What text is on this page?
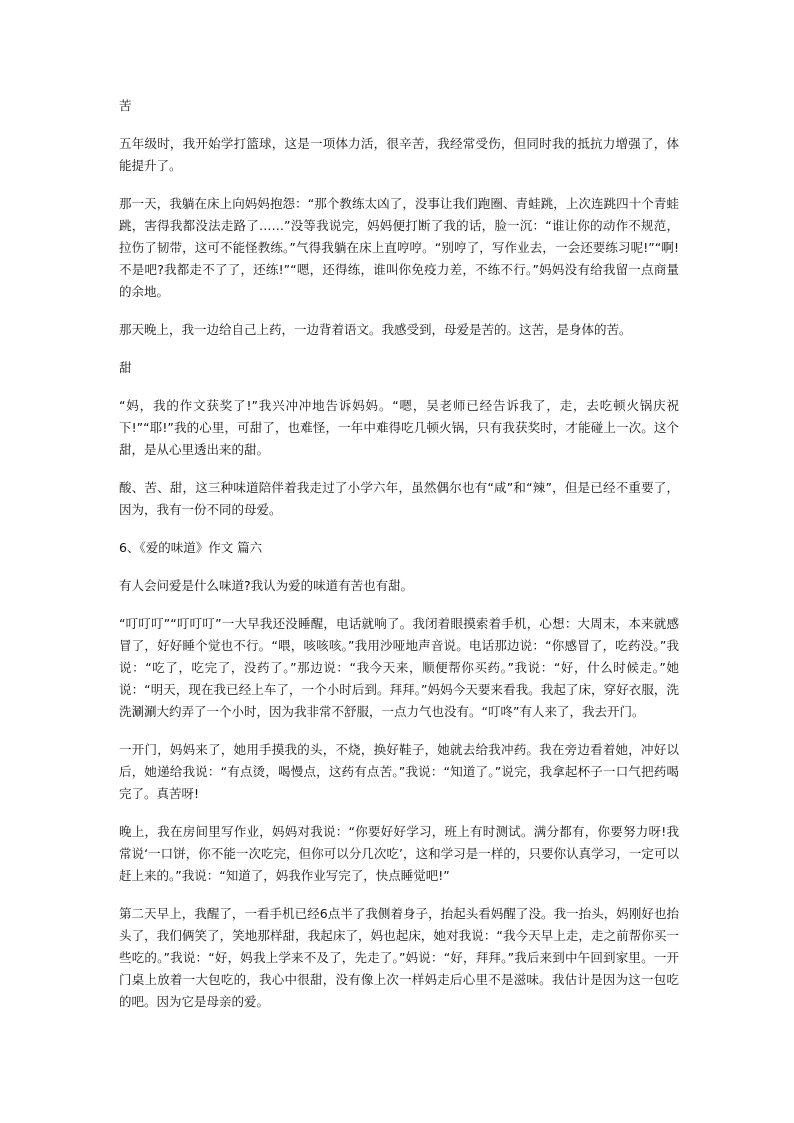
苦

五年级时，我开始学打篮球，这是一项体力活，很辛苦，我经常受伤，但同时我的抵抗力增强了，体能提升了。

那一天，我躺在床上向妈妈抱怨：“那个教练太凶了，没事让我们跑圈、青蛙跳，上次连跳四十个青蛙跳，害得我都没法走路了……”没等我说完，妈妈便打断了我的话，脸一沉：“谁让你的动作不规范，拉伤了韧带，这可不能怪教练。”气得我躺在床上直哼哼。“别哼了，写作业去，一会还要练习呢!”“啊!不是吧?我都走不了了，还练!”“嗯，还得练，谁叫你免疫力差，不练不行。”妈妈没有给我留一点商量的余地。

那天晚上，我一边给自己上药，一边背着语文。我感受到，母爱是苦的。这苦，是身体的苦。

甜

“妈，我的作文获奖了!”我兴冲冲地告诉妈妈。“嗯，吴老师已经告诉我了，走，去吃顿火锅庆祝下!”“耶!”我的心里，可甜了，也难怪，一年中难得吃几顿火锅，只有我获奖时，才能碰上一次。这个甜，是从心里透出来的甜。

酸、苦、甜，这三种味道陪伴着我走过了小学六年，虽然偶尔也有“咸”和“辣”，但是已经不重要了，因为，我有一份不同的母爱。

6、《爱的味道》作文 篇六

有人会问爱是什么味道?我认为爱的味道有苦也有甜。

“叮叮叮”“叮叮叮”一大早我还没睡醒，电话就响了。我闭着眼摸索着手机，心想：大周末，本来就感冒了，好好睡个觉也不行。“喂，咳咳咳。”我用沙哑地声音说。电话那边说：“你感冒了，吃药没。”我说：“吃了，吃完了，没药了。”那边说：“我今天来，顺便帮你买药。”我说：“好，什么时候走。”她说：“明天，现在我已经上车了，一个小时后到。拜拜。”妈妈今天要来看我。我起了床，穿好衣服，洗洗涮涮大约弄了一个小时，因为我非常不舒服，一点力气也没有。“叮咚”有人来了，我去开门。

一开门，妈妈来了，她用手摸我的头，不烧，换好鞋子，她就去给我冲药。我在旁边看着她，冲好以后，她递给我说：“有点烫，喝慢点，这药有点苦。”我说：“知道了。”说完，我拿起杯子一口气把药喝完了。真苦呀!

晚上，我在房间里写作业，妈妈对我说：“你要好好学习，班上有时测试。满分都有，你要努力呀!我常说‘一口饼，你不能一次吃完，但你可以分几次吃’，这和学习是一样的，只要你认真学习，一定可以赶上来的。”我说：“知道了，妈我作业写完了，快点睡觉吧!”

第二天早上，我醒了，一看手机已经6点半了我侧着身子，抬起头看妈醒了没。我一抬头，妈刚好也抬头了，我们俩笑了，笑地那样甜，我起床了，妈也起床，她对我说：“我今天早上走，走之前帮你买一些吃的。”我说：“好，妈我上学来不及了，先走了。”妈说：“好，拜拜。”我后来到中午回到家里。一开门桌上放着一大包吃的，我心中很甜，没有像上次一样妈走后心里不是滋味。我估计是因为这一包吃的吧。因为它是母亲的爱。
